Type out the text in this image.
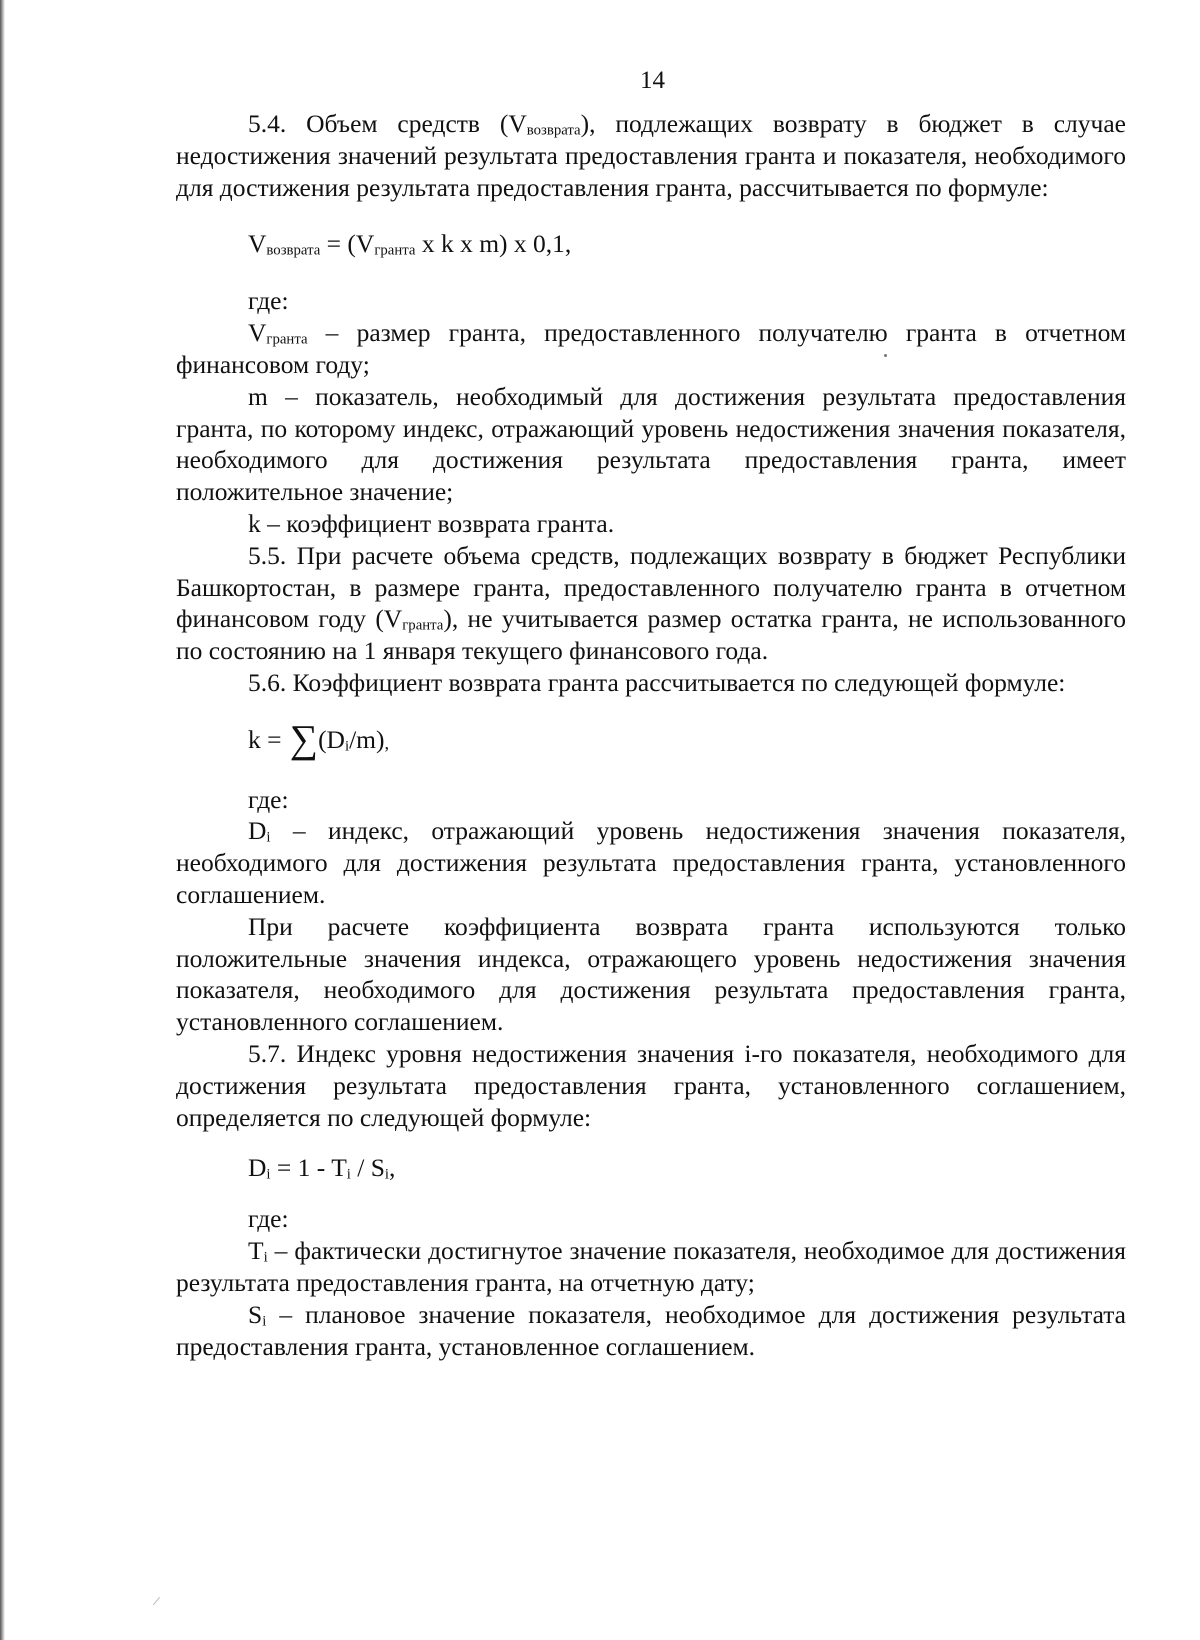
14

5.4. Объем средств $(V_{возврата})$, подлежащих возврату в бюджет в случае недостижения значений результата предоставления гранта и показателя, необходимого для достижения результата предоставления гранта, рассчитывается по формуле:

$V_{возврата} = (V_{гранта}$ x k x m) x 0,1,

где:

$V_{гранта}$ – размер гранта, предоставленного получателю гранта в отчетном финансовом году;

m – показатель, необходимый для достижения результата предоставления гранта, по которому индекс, отражающий уровень недостижения значения показателя, необходимого для достижения результата предоставления гранта, имеет положительное значение;

k – коэффициент возврата гранта.

5.5. При расчете объема средств, подлежащих возврату в бюджет Республики Башкортостан, в размере гранта, предоставленного получателю гранта в отчетном финансовом году $(V_{гранта})$, не учитывается размер остатка гранта, не использованного по состоянию на 1 января текущего финансового года.

5.6. Коэффициент возврата гранта рассчитывается по следующей формуле:

$k = \sum(D_i/m)$,

где:

$D_i$ – индекс, отражающий уровень недостижения значения показателя, необходимого для достижения результата предоставления гранта, установленного соглашением.

При расчете коэффициента возврата гранта используются только положительные значения индекса, отражающего уровень недостижения значения показателя, необходимого для достижения результата предоставления гранта, установленного соглашением.

5.7. Индекс уровня недостижения значения i-го показателя, необходимого для достижения результата предоставления гранта, установленного соглашением, определяется по следующей формуле:

$D_i = 1 - T_i / S_i$,

где:

$T_i$ – фактически достигнутое значение показателя, необходимое для достижения результата предоставления гранта, на отчетную дату;

$S_i$ – плановое значение показателя, необходимое для достижения результата предоставления гранта, установленное соглашением.
